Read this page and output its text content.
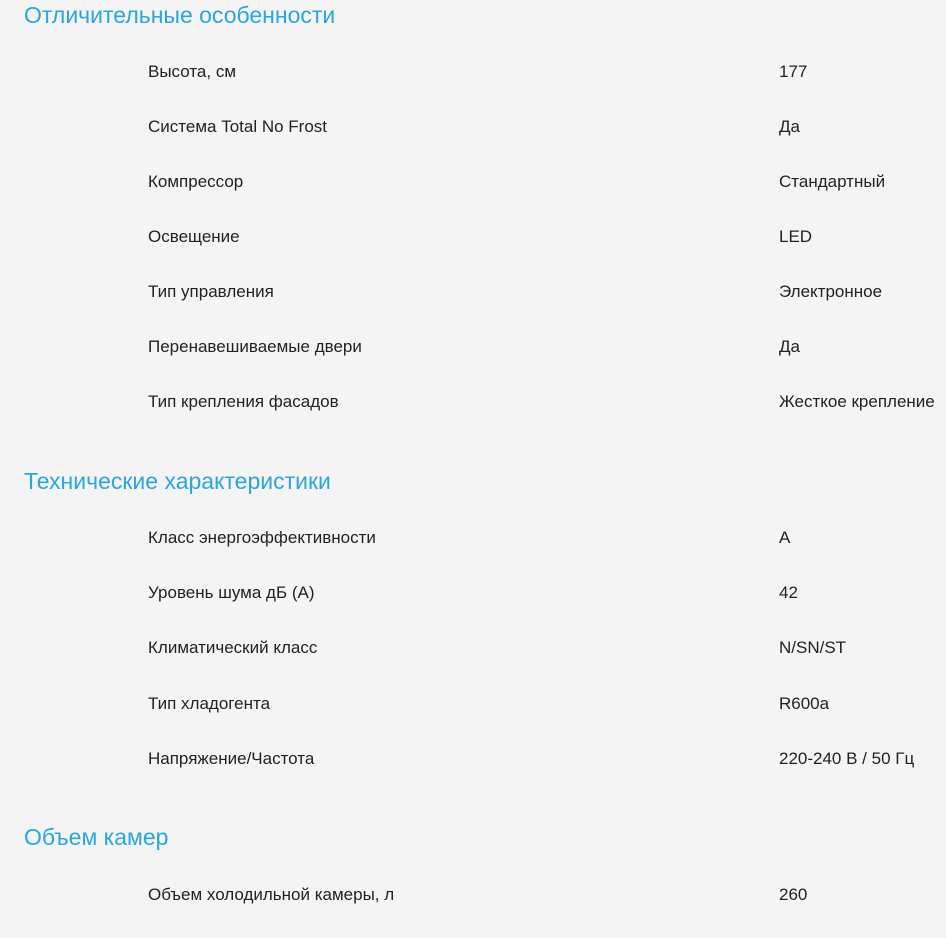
Отличительные особенности
Высота, см	177
Система Total No Frost	Да
Компрессор	Стандартный
Освещение	LED
Тип управления	Электронное
Перенавешиваемые двери	Да
Тип крепления фасадов	Жесткое крепление
Технические характеристики
Класс энергоэффективности	A
Уровень шума дБ (А)	42
Климатический класс	N/SN/ST
Тип хладогента	R600a
Напряжение/Частота	220-240 В / 50 Гц
Объем камер
Объем холодильной камеры, л	260
